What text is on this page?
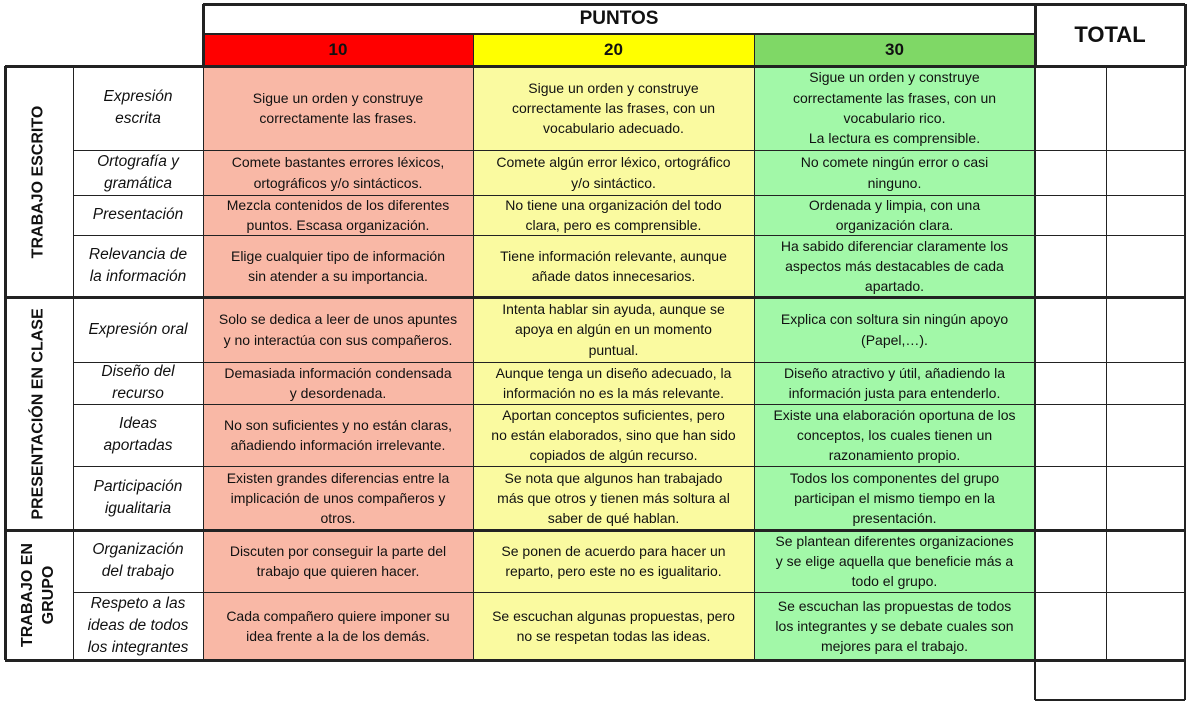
PUNTOS
TOTAL
10	20	30
Expresión
escrita
Sigue un orden y construye
correctamente las frases.
Sigue un orden y construye
correctamente las frases, con un
vocabulario adecuado.
Sigue un orden y construye
correctamente las frases, con un
vocabulario rico.
La lectura es comprensible.
Ortografía y
gramática
Comete bastantes errores léxicos,
ortográficos y/o sintácticos.
Comete algún error léxico, ortográfico
y/o sintáctico.
No comete ningún error o casi
ninguno.
Presentación
Mezcla contenidos de los diferentes
puntos. Escasa organización.
No tiene una organización del todo
clara, pero es comprensible.
Ordenada y limpia, con una
organización clara.
Relevancia de
la información
Elige cualquier tipo de información
sin atender a su importancia.
Tiene información relevante, aunque
añade datos innecesarios.
Ha sabido diferenciar claramente los
aspectos más destacables de cada
apartado.
Expresión oral
Solo se dedica a leer de unos apuntes
y no interactúa con sus compañeros.
Intenta hablar sin ayuda, aunque se
apoya en algún en un momento
puntual.
Explica con soltura sin ningún apoyo
(Papel,…).
Diseño del
recurso
Demasiada información condensada
y desordenada.
Aunque tenga un diseño adecuado, la
información no es la más relevante.
Diseño atractivo y útil, añadiendo la
información justa para entenderlo.
Ideas
aportadas
No son suficientes y no están claras,
añadiendo información irrelevante.
Aportan conceptos suficientes, pero
no están elaborados, sino que han sido
copiados de algún recurso.
Existe una elaboración oportuna de los
conceptos, los cuales tienen un
razonamiento propio.
Participación
igualitaria
Existen grandes diferencias entre la
implicación de unos compañeros y
otros.
Se nota que algunos han trabajado
más que otros y tienen más soltura al
saber de qué hablan.
Todos los componentes del grupo
participan el mismo tiempo en la
presentación.
Organización
del trabajo
Discuten por conseguir la parte del
trabajo que quieren hacer.
Se ponen de acuerdo para hacer un
reparto, pero este no es igualitario.
Se plantean diferentes organizaciones
y se elige aquella que beneficie más a
todo el grupo.
Respeto a las
ideas de todos
los integrantes
Cada compañero quiere imponer su
idea frente a la de los demás.
Se escuchan algunas propuestas, pero
no se respetan todas las ideas.
Se escuchan las propuestas de todos
los integrantes y se debate cuales son
mejores para el trabajo.
TRABAJO ESCRITO
PRESENTACIÓN EN CLASE
TRABAJO EN
GRUPO
